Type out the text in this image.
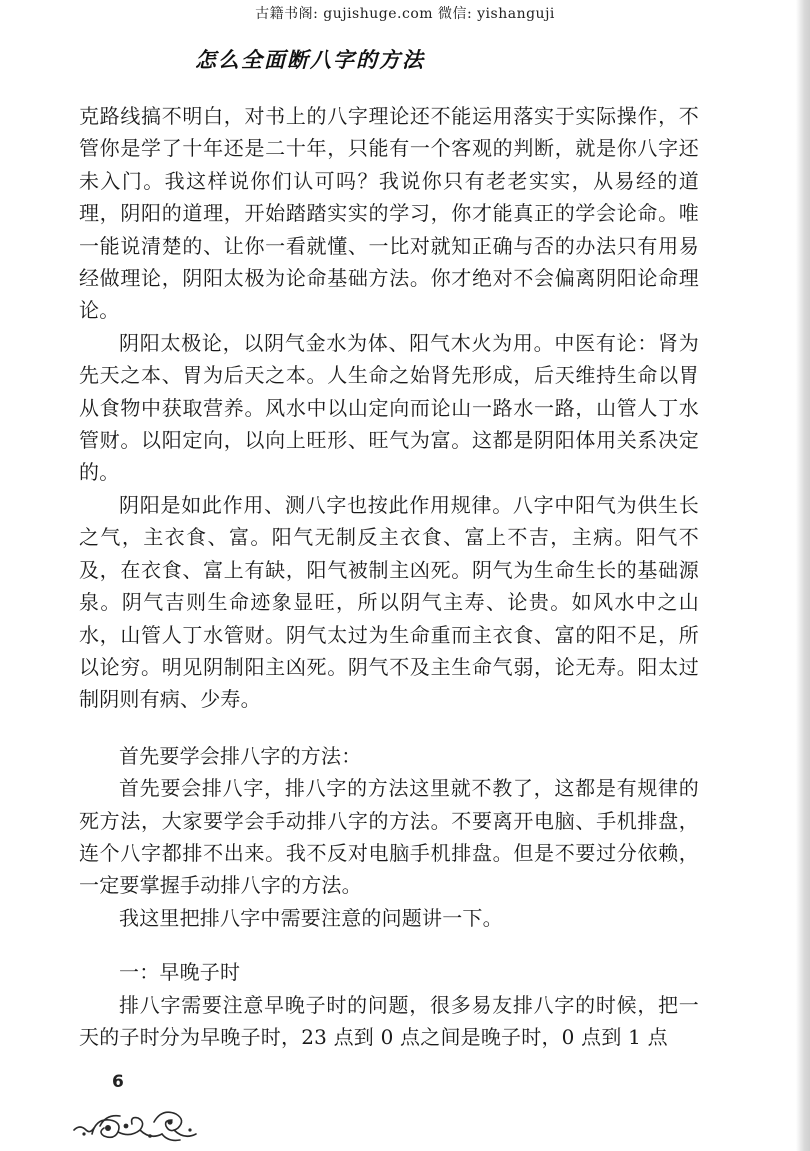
古籍书阁: gujishuge.com 微信: yishanguji
怎么全面断八字的方法

克路线搞不明白，对书上的八字理论还不能运用落实于实际操作，不管你是学了十年还是二十年，只能有一个客观的判断，就是你八字还未入门。我这样说你们认可吗？我说你只有老老实实，从易经的道理，阴阳的道理，开始踏踏实实的学习，你才能真正的学会论命。唯一能说清楚的、让你一看就懂、一比对就知正确与否的办法只有用易经做理论，阴阳太极为论命基础方法。你才绝对不会偏离阴阳论命理论。

阴阳太极论，以阴气金水为体、阳气木火为用。中医有论：肾为先天之本、胃为后天之本。人生命之始肾先形成，后天维持生命以胃从食物中获取营养。风水中以山定向而论山一路水一路，山管人丁水管财。以阳定向，以向上旺形、旺气为富。这都是阴阳体用关系决定的。

阴阳是如此作用、测八字也按此作用规律。八字中阳气为供生长之气，主衣食、富。阳气无制反主衣食、富上不吉，主病。阳气不及，在衣食、富上有缺，阳气被制主凶死。阴气为生命生长的基础源泉。阴气吉则生命迹象显旺，所以阴气主寿、论贵。如风水中之山水，山管人丁水管财。阴气太过为生命重而主衣食、富的阳不足，所以论穷。明见阴制阳主凶死。阴气不及主生命气弱，论无寿。阳太过制阴则有病、少寿。

首先要学会排八字的方法：

首先要会排八字，排八字的方法这里就不教了，这都是有规律的死方法，大家要学会手动排八字的方法。不要离开电脑、手机排盘，连个八字都排不出来。我不反对电脑手机排盘。但是不要过分依赖，一定要掌握手动排八字的方法。

我这里把排八字中需要注意的问题讲一下。

一：早晚子时

排八字需要注意早晚子时的问题，很多易友排八字的时候，把一天的子时分为早晚子时，23 点到 0 点之间是晚子时，0 点到 1 点

6
